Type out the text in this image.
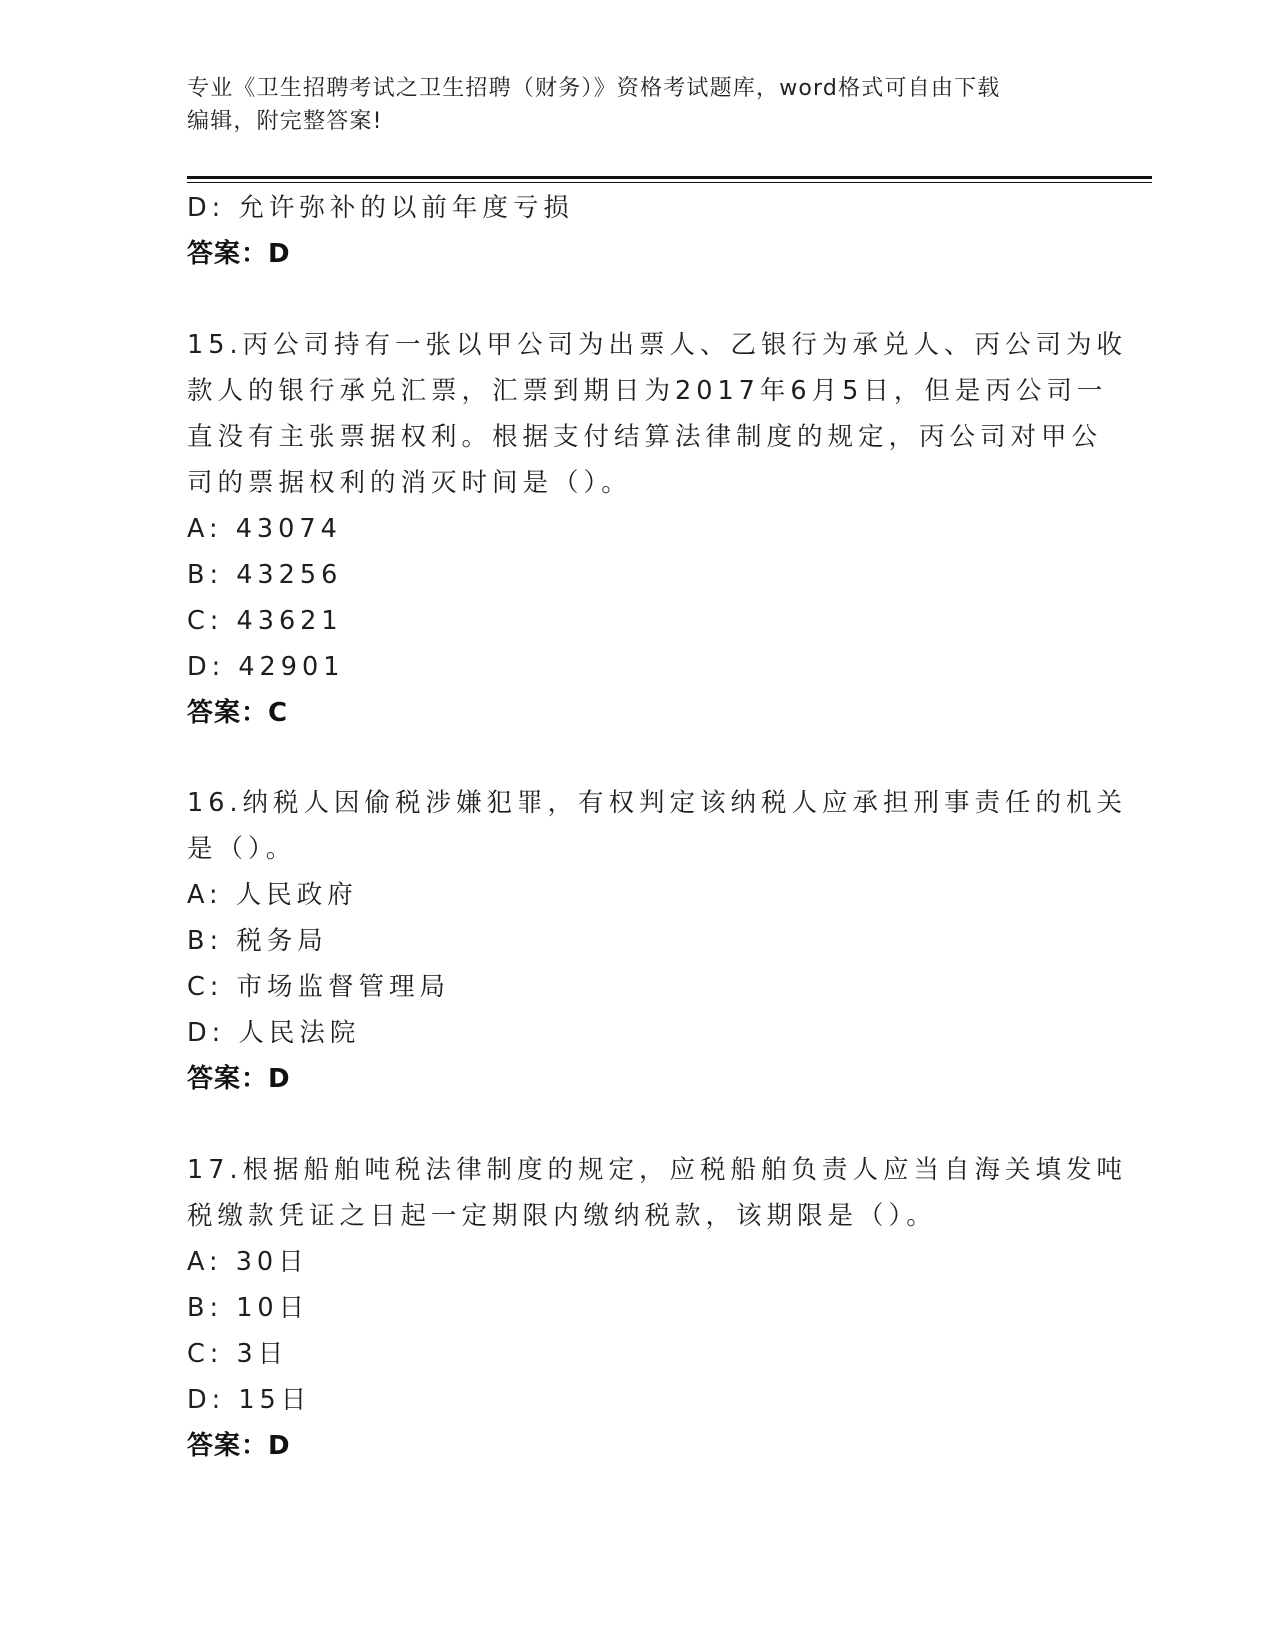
专业《卫生招聘考试之卫生招聘（财务）》资格考试题库，word格式可自由下载
编辑，附完整答案!
D: 允许弥补的以前年度亏损
答案：D
15.丙公司持有一张以甲公司为出票人、乙银行为承兑人、丙公司为收
款人的银行承兑汇票，汇票到期日为2017年6月5日，但是丙公司一
直没有主张票据权利。根据支付结算法律制度的规定，丙公司对甲公
司的票据权利的消灭时间是（）。
A: 43074
B: 43256
C: 43621
D: 42901
答案：C
16.纳税人因偷税涉嫌犯罪，有权判定该纳税人应承担刑事责任的机关
是（）。
A: 人民政府
B: 税务局
C: 市场监督管理局
D: 人民法院
答案：D
17.根据船舶吨税法律制度的规定，应税船舶负责人应当自海关填发吨
税缴款凭证之日起一定期限内缴纳税款，该期限是（）。
A: 30日
B: 10日
C: 3日
D: 15日
答案：D
